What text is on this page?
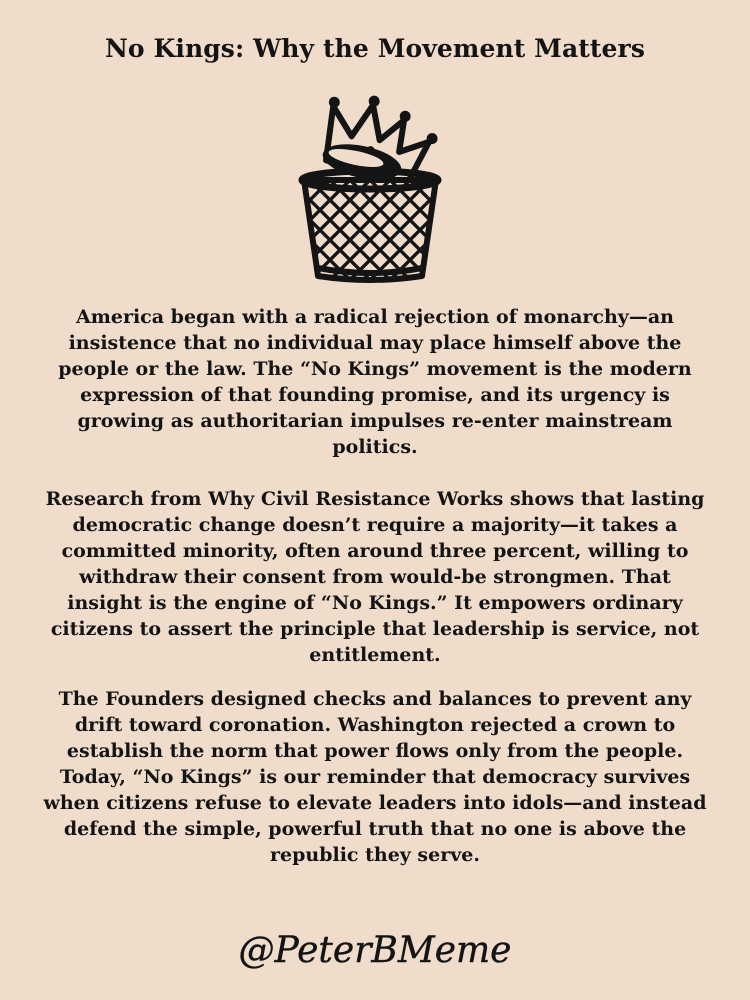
No Kings: Why the Movement Matters

America began with a radical rejection of monarchy—an insistence that no individual may place himself above the people or the law. The “No Kings” movement is the modern expression of that founding promise, and its urgency is growing as authoritarian impulses re-enter mainstream politics.

Research from Why Civil Resistance Works shows that lasting democratic change doesn’t require a majority—it takes a committed minority, often around three percent, willing to withdraw their consent from would-be strongmen. That insight is the engine of “No Kings.” It empowers ordinary citizens to assert the principle that leadership is service, not entitlement.

The Founders designed checks and balances to prevent any drift toward coronation. Washington rejected a crown to establish the norm that power flows only from the people. Today, “No Kings” is our reminder that democracy survives when citizens refuse to elevate leaders into idols—and instead defend the simple, powerful truth that no one is above the republic they serve.

@PeterBMeme
